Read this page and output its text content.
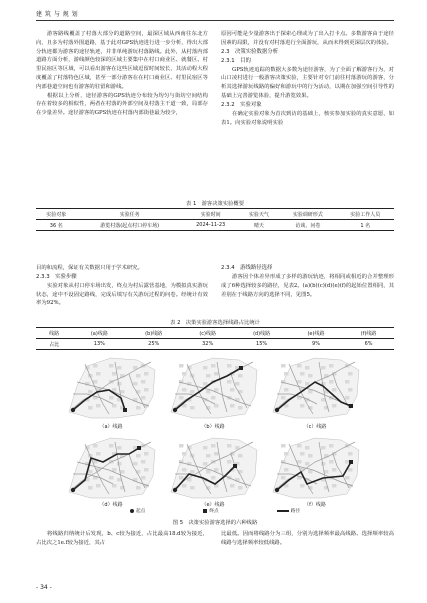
建 筑 与 规 划

游客路线覆盖了村落大部分的道路空间，最深区域从西南往东北方向，且多为村落外围道路，基于此对GPS轨迹进行进一步分析，得出大部分轨迹都为游客的途径轨迹，并非单纯游玩村落路线。此外，从村落内部道路方面分析，游线颜色较深的区域主要集中在村口商业区、就餐区、村里民宿区等区域，可以看出游客在这些区域逗留时间较长，其活动程大程度覆盖了村落特色区域，甚至一部分游客在在村口商业区、村里民宿区等内部巷道空间也有游客的驻留和游线。

根据以上分析，途径游客的GPS轨迹分布较为均匀与街坊空间结构存在着较多的相似性，两者在村落的外部空间及村落主干道一致，局部存在少量差异。途径游客的GPS轨迹在村落内部街巷最为较少，

原因可能是少量游客出于探索心理或为了出入打卡点。多数游客由于途径因素的局限，并没有对村落进行全面游玩，从而未得到更深层次的体验。

2.3　决策实验数据分析

2.3.1　目的

GPS轨迹追踪的数据大多数为途径游客，为了全面了解游客行为，对山口凌村进行一般游客决策实验，主要针对专门前往村落游玩的游客，分析其选择游玩线路的偏好和游玩中的行为活动，以期在加强空间引导性的基础上完善游览体验，提升游览效果。

2.3.2　实验对象

在确定实验对象为首次到访的基础上，核实参加实验的真实意愿，如表1。向实验对象说明实验

表 1　游客决策实验概要
实验对象	实验任务	实验时间	实验天气	实验调研形式	实验工作人员
36 名	游览村落(起点村口停车场)	2024-11-23	晴天	访谈、问卷	1 名

目的和流程，保证有关数据只用于学术研究。

2.3.3　实验步骤

实验对象从村口停车场出发，终点为村后露营基地，为模拟真实游玩状态，途中不设固定路线，完成后填写有关游玩过程的问卷。经统计有效率为92%。

2.3.4　游线路径选择

游客因个体差异形成了多样的游玩轨迹，将相同或相近的合并整理形成了6种选择较多的路径，见表2。(a)(b)(c)(d)(e)(f)的起始位置相同，其差别在于线路方向的选择不同，见图5。

表 2　决策实验游客选择线路占比统计
线路	(a)线路	(b)线路	(c)线路	(d)线路	(e)线路	(f)线路
占比	13%	25%	32%	15%	9%	6%
（a）线路	（b）线路	（c）线路
（d）线路	（e）线路	（f）线路
起点	终点	路径
图 5　决策实验游客选择的六种线路

将线路归纳统计后发现，b、c较为接近，占比最高18.d较为接近，占比次之1e.f较为接近，其占

比最低。因而将线路分为三组，分别为选择频率最高线路、选择频率较高线路与选择频率较低线路。

- 34 -
